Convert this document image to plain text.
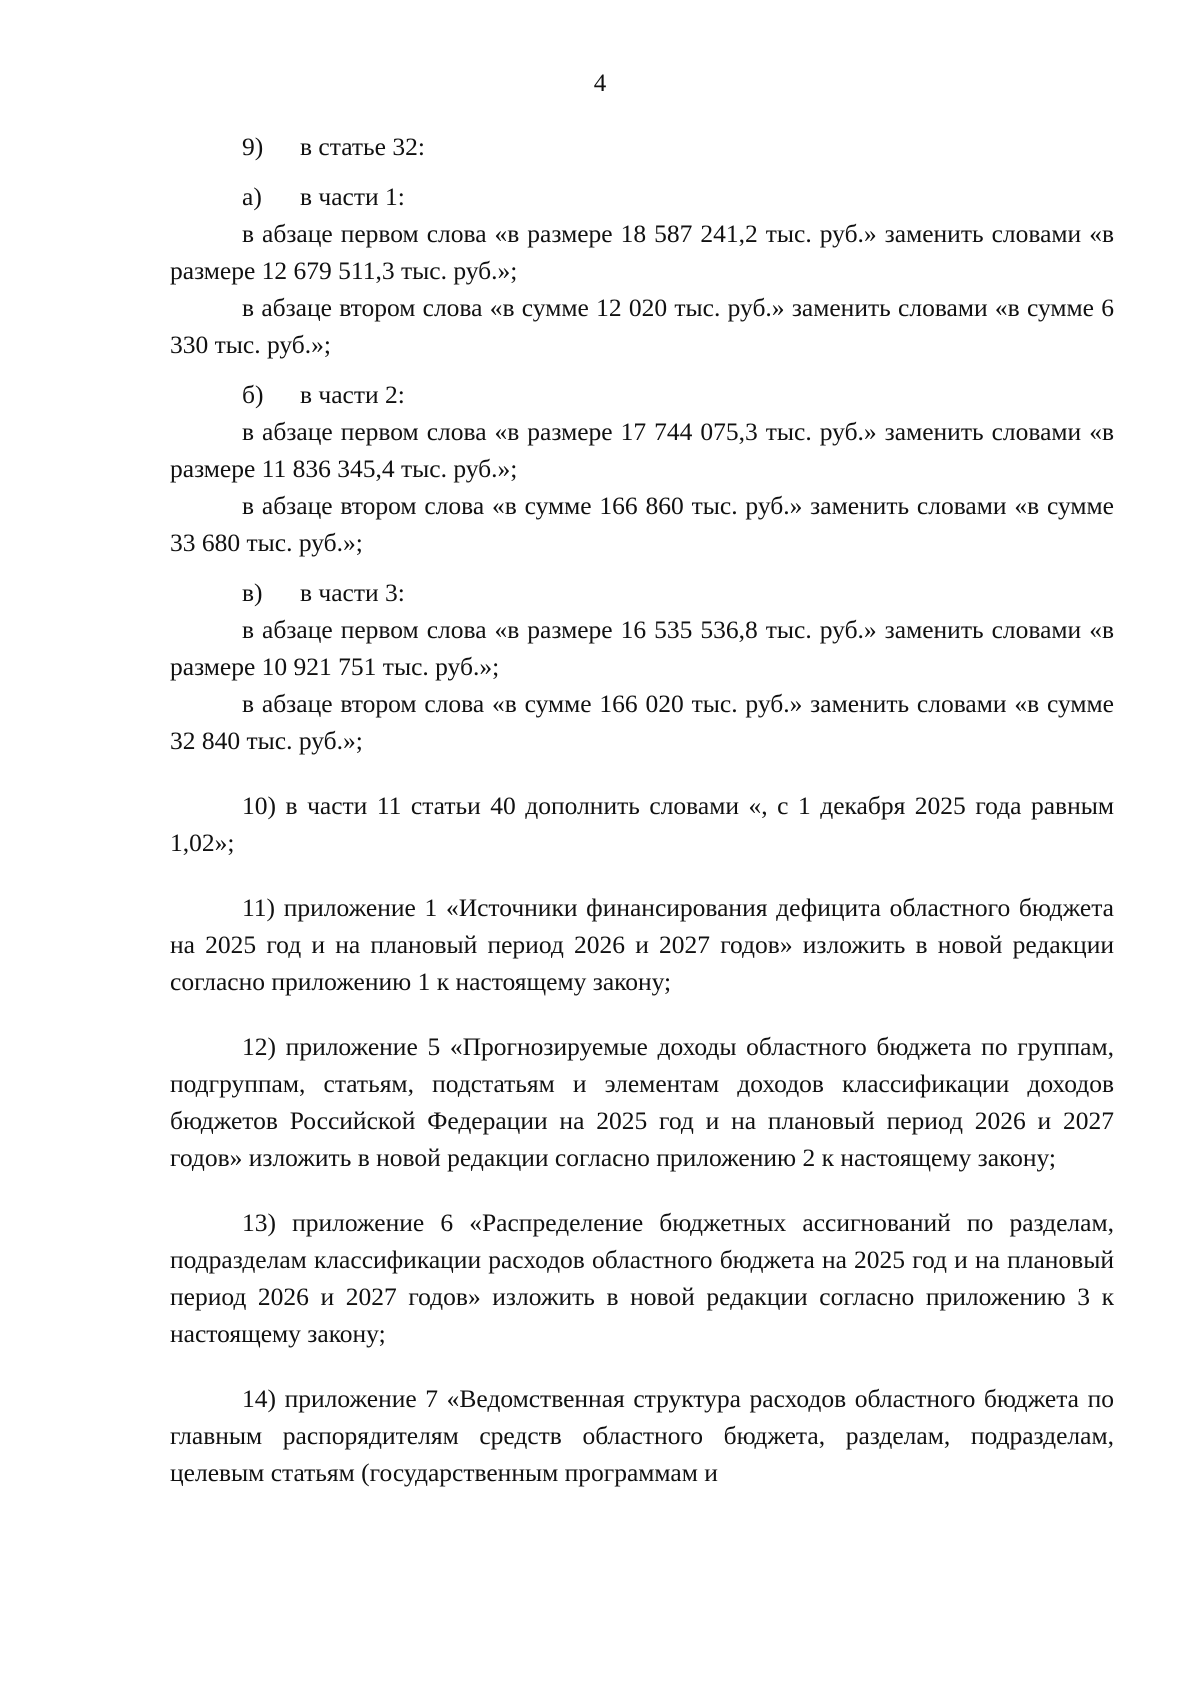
4

9) в статье 32:

а) в части 1:

в абзаце первом слова «в размере 18 587 241,2 тыс. руб.» заменить словами «в размере 12 679 511,3 тыс. руб.»;

в абзаце втором слова «в сумме 12 020 тыс. руб.» заменить словами «в сумме 6 330 тыс. руб.»;

б) в части 2:

в абзаце первом слова «в размере 17 744 075,3 тыс. руб.» заменить словами «в размере 11 836 345,4 тыс. руб.»;

в абзаце втором слова «в сумме 166 860 тыс. руб.» заменить словами «в сумме 33 680 тыс. руб.»;

в) в части 3:

в абзаце первом слова «в размере 16 535 536,8 тыс. руб.» заменить словами «в размере 10 921 751 тыс. руб.»;

в абзаце втором слова «в сумме 166 020 тыс. руб.» заменить словами «в сумме 32 840 тыс. руб.»;

10) в части 11 статьи 40 дополнить словами «, с 1 декабря 2025 года равным 1,02»;

11) приложение 1 «Источники финансирования дефицита областного бюджета на 2025 год и на плановый период 2026 и 2027 годов» изложить в новой редакции согласно приложению 1 к настоящему закону;

12) приложение 5 «Прогнозируемые доходы областного бюджета по группам, подгруппам, статьям, подстатьям и элементам доходов классификации доходов бюджетов Российской Федерации на 2025 год и на плановый период 2026 и 2027 годов» изложить в новой редакции согласно приложению 2 к настоящему закону;

13) приложение 6 «Распределение бюджетных ассигнований по разделам, подразделам классификации расходов областного бюджета на 2025 год и на плановый период 2026 и 2027 годов» изложить в новой редакции согласно приложению 3 к настоящему закону;

14) приложение 7 «Ведомственная структура расходов областного бюджета по главным распорядителям средств областного бюджета, разделам, подразделам, целевым статьям (государственным программам и
